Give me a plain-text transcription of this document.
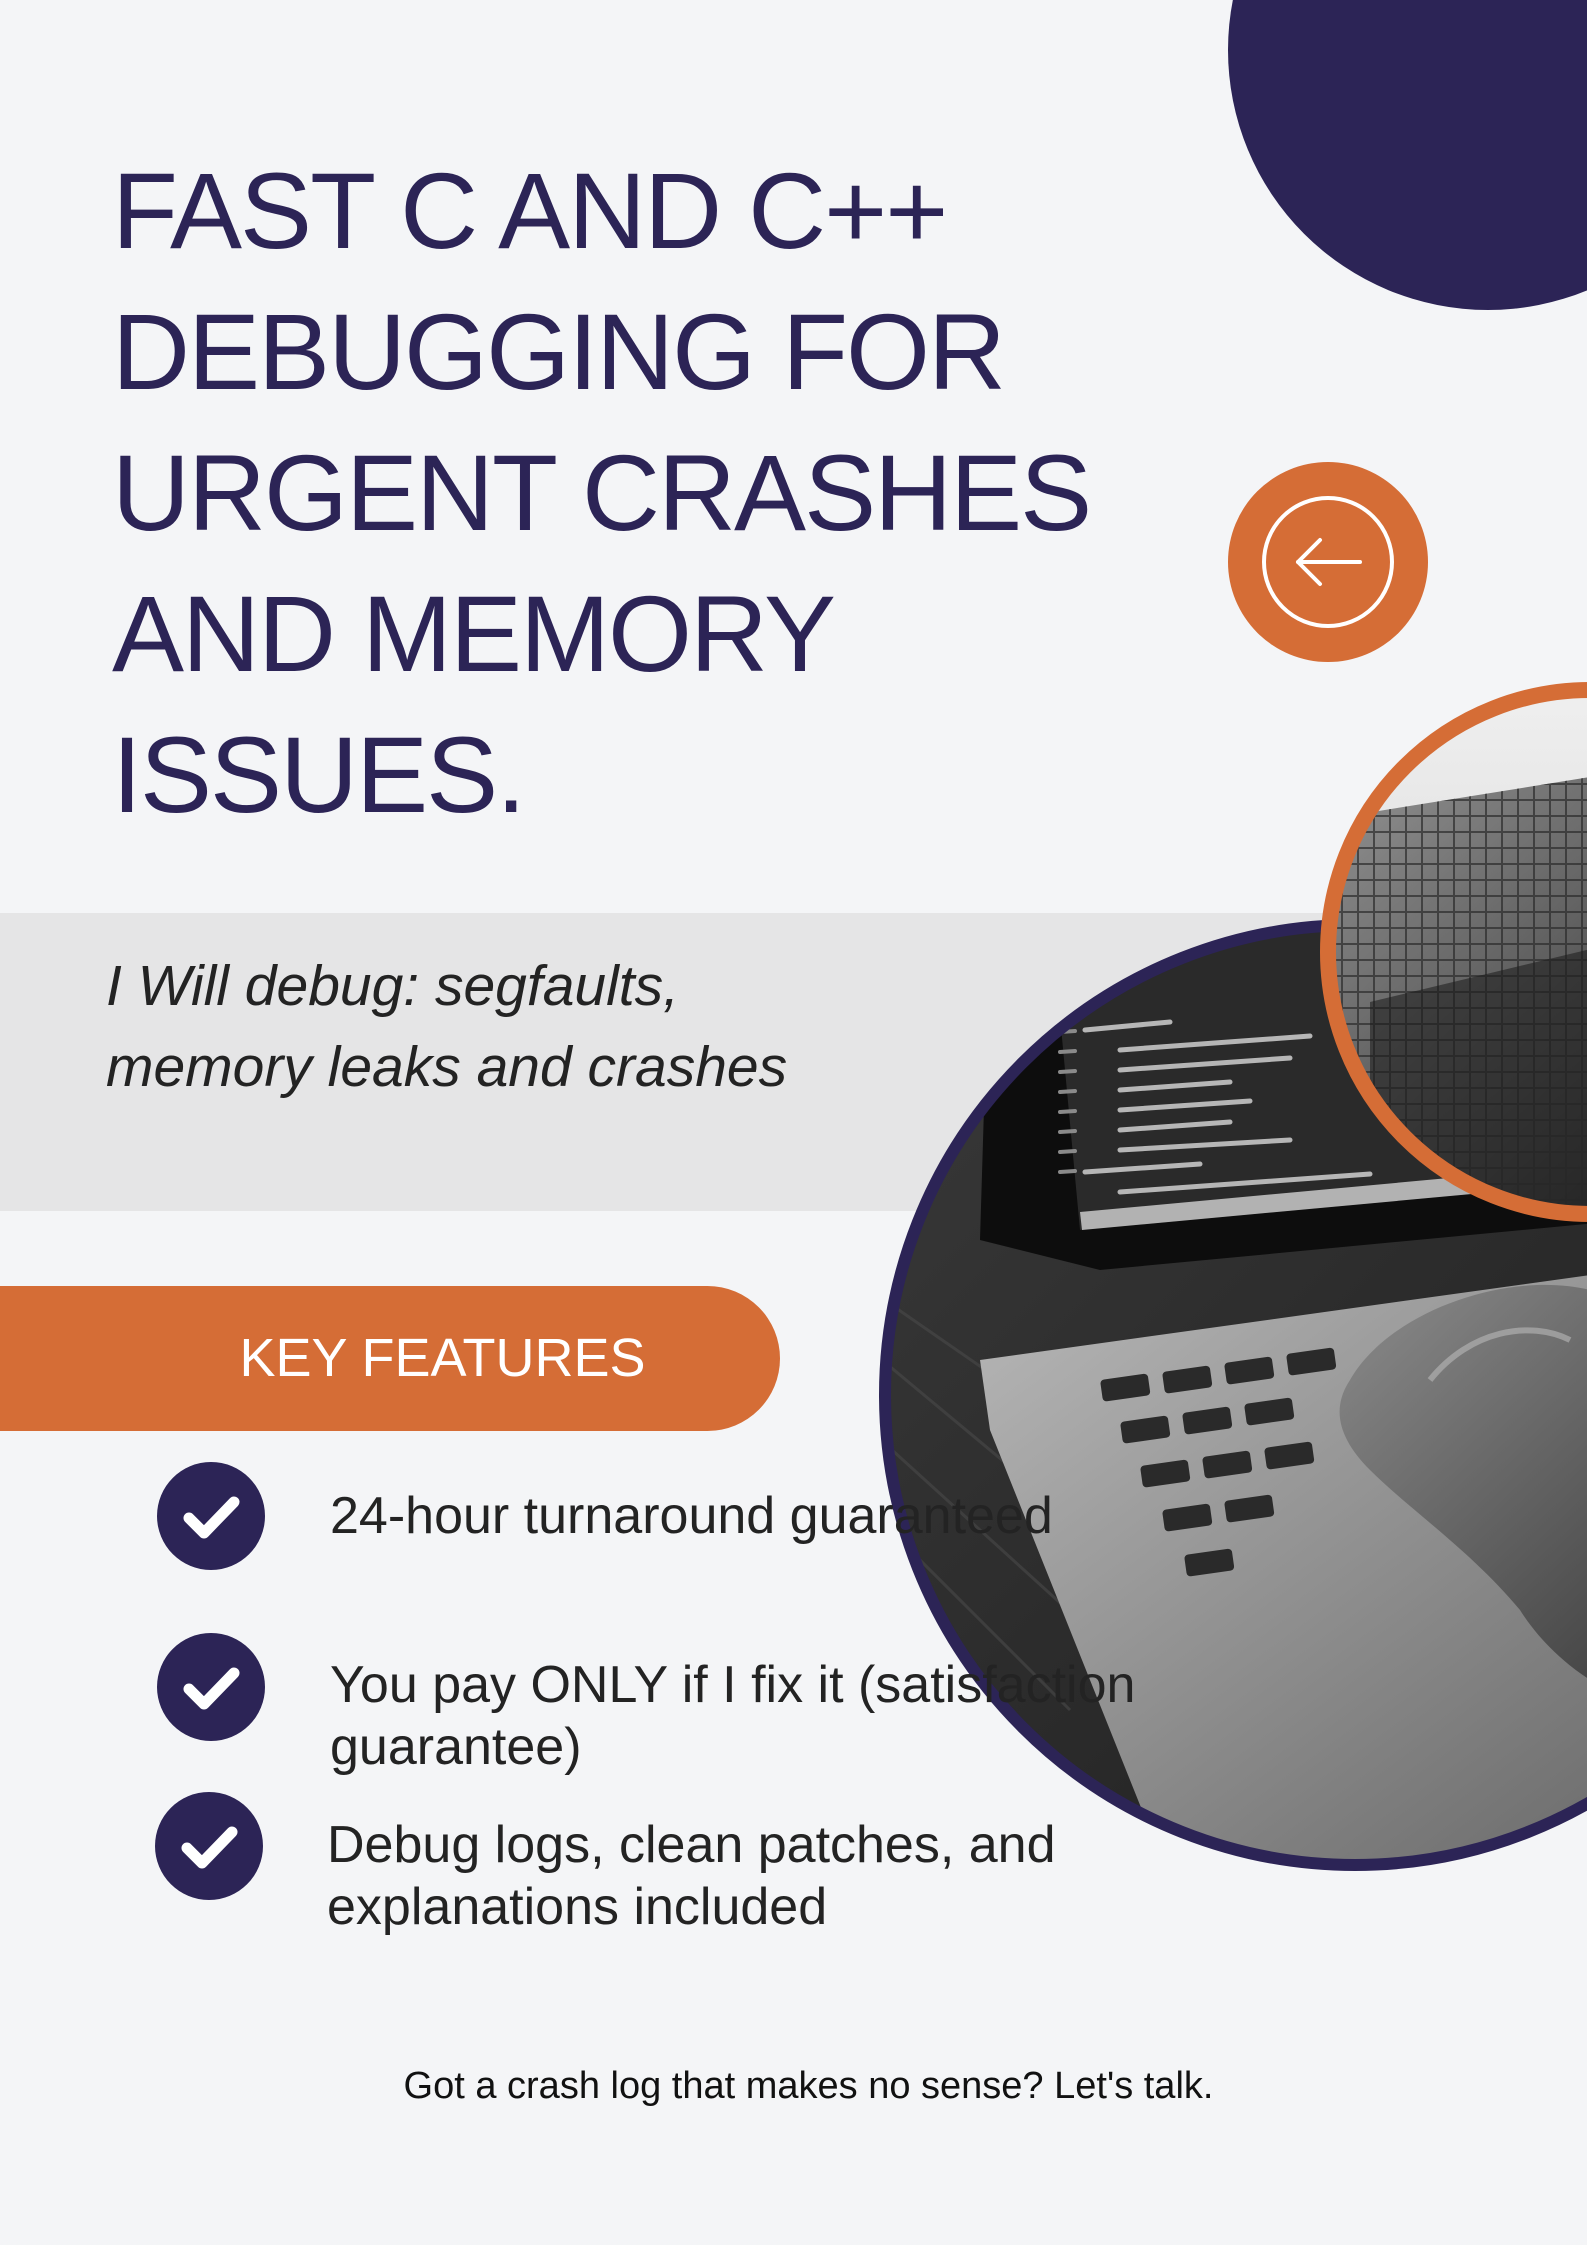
FAST C AND C++ DEBUGGING FOR URGENT CRASHES AND MEMORY ISSUES.

I Will debug: segfaults, memory leaks and crashes

KEY FEATURES

24-hour turnaround guaranteed

You pay ONLY if I fix it (satisfaction guarantee)

Debug logs, clean patches, and explanations included

Got a crash log that makes no sense? Let's talk.
